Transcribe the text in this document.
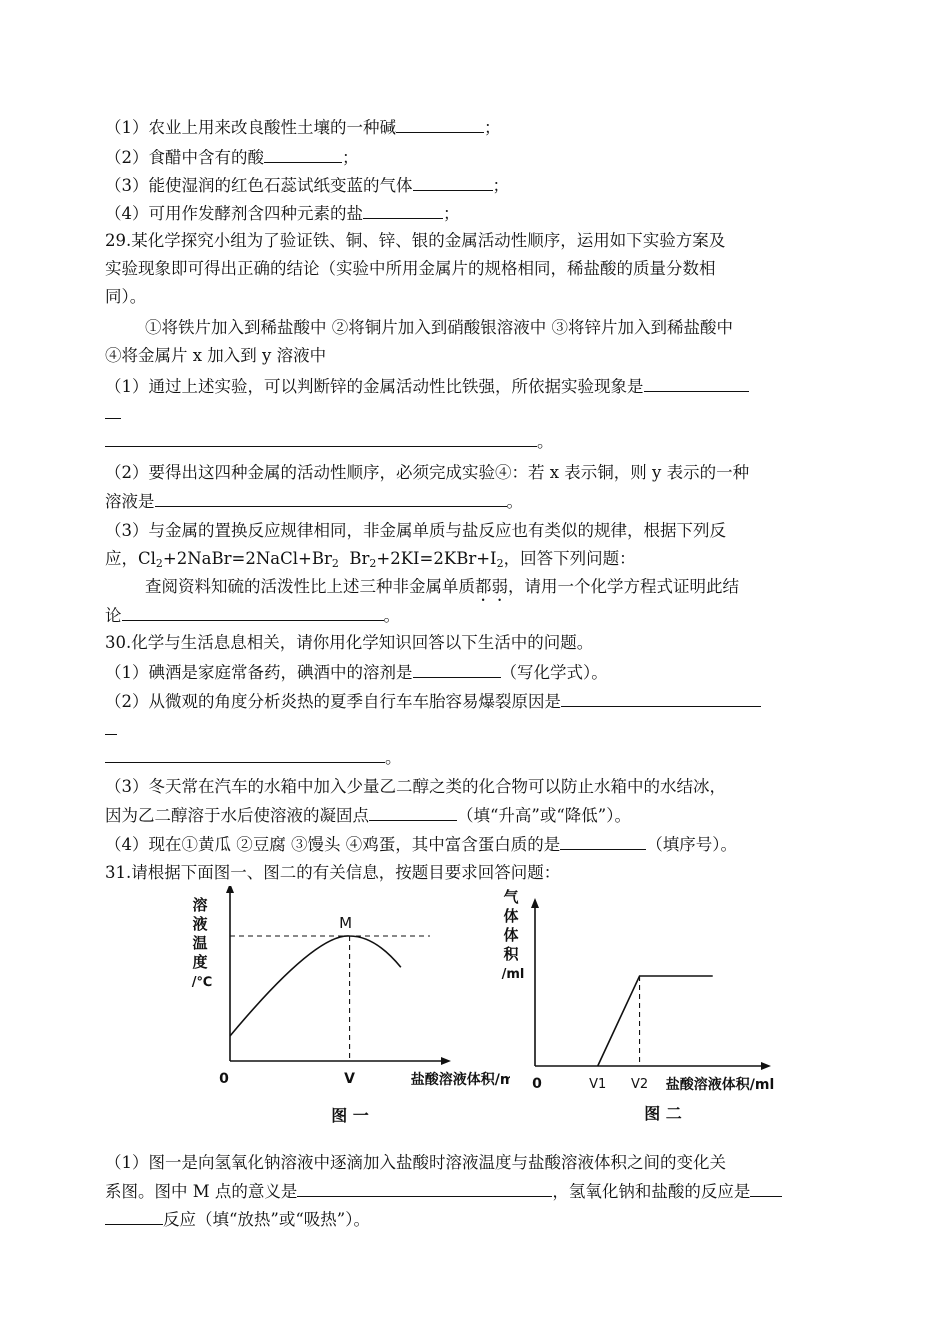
（1）农业上用来改良酸性土壤的一种碱	；
（2）食醋中含有的酸	；
（3）能使湿润的红色石蕊试纸变蓝的气体	；
（4）可用作发酵剂含四种元素的盐	；
29.某化学探究小组为了验证铁、铜、锌、银的金属活动性顺序，运用如下实验方案及
实验现象即可得出正确的结论（实验中所用金属片的规格相同，稀盐酸的质量分数相
同）。
①将铁片加入到稀盐酸中 ②将铜片加入到硝酸银溶液中 ③将锌片加入到稀盐酸中
④将金属片 x 加入到 y 溶液中
（1）通过上述实验，可以判断锌的金属活动性比铁强，所依据实验现象是
。
（2）要得出这四种金属的活动性顺序，必须完成实验④：若 x 表示铜，则 y 表示的一种
溶液是	。
（3）与金属的置换反应规律相同，非金属单质与盐反应也有类似的规律，根据下列反
应，$Cl_2+2NaBr=2NaCl+Br_2$ $Br_2+2KI=2KBr+I_2$，回答下列问题：
查阅资料知硫的活泼性比上述三种非金属单质都弱，请用一个化学方程式证明此结
论	。
30.化学与生活息息相关，请你用化学知识回答以下生活中的问题。
（1）碘酒是家庭常备药，碘酒中的溶剂是	（写化学式）。
（2）从微观的角度分析炎热的夏季自行车车胎容易爆裂原因是
。
（3）冬天常在汽车的水箱中加入少量乙二醇之类的化合物可以防止水箱中的水结冰，
因为乙二醇溶于水后使溶液的凝固点	（填“升高”或“降低”）。
（4）现在①黄瓜 ②豆腐 ③馒头 ④鸡蛋，其中富含蛋白质的是	（填序号）。
31.请根据下面图一、图二的有关信息，按题目要求回答问题：
溶
液
温
度
/℃
M
0	V	盐酸溶液体积/ml
图 一
气
体
体
积
/ml
0	V1 V2 盐酸溶液体积/ml
图 二
（1）图一是向氢氧化钠溶液中逐滴加入盐酸时溶液温度与盐酸溶液体积之间的变化关
系图。图中 M 点的意义是	，氢氧化钠和盐酸的反应是
反应（填“放热”或“吸热”）。
